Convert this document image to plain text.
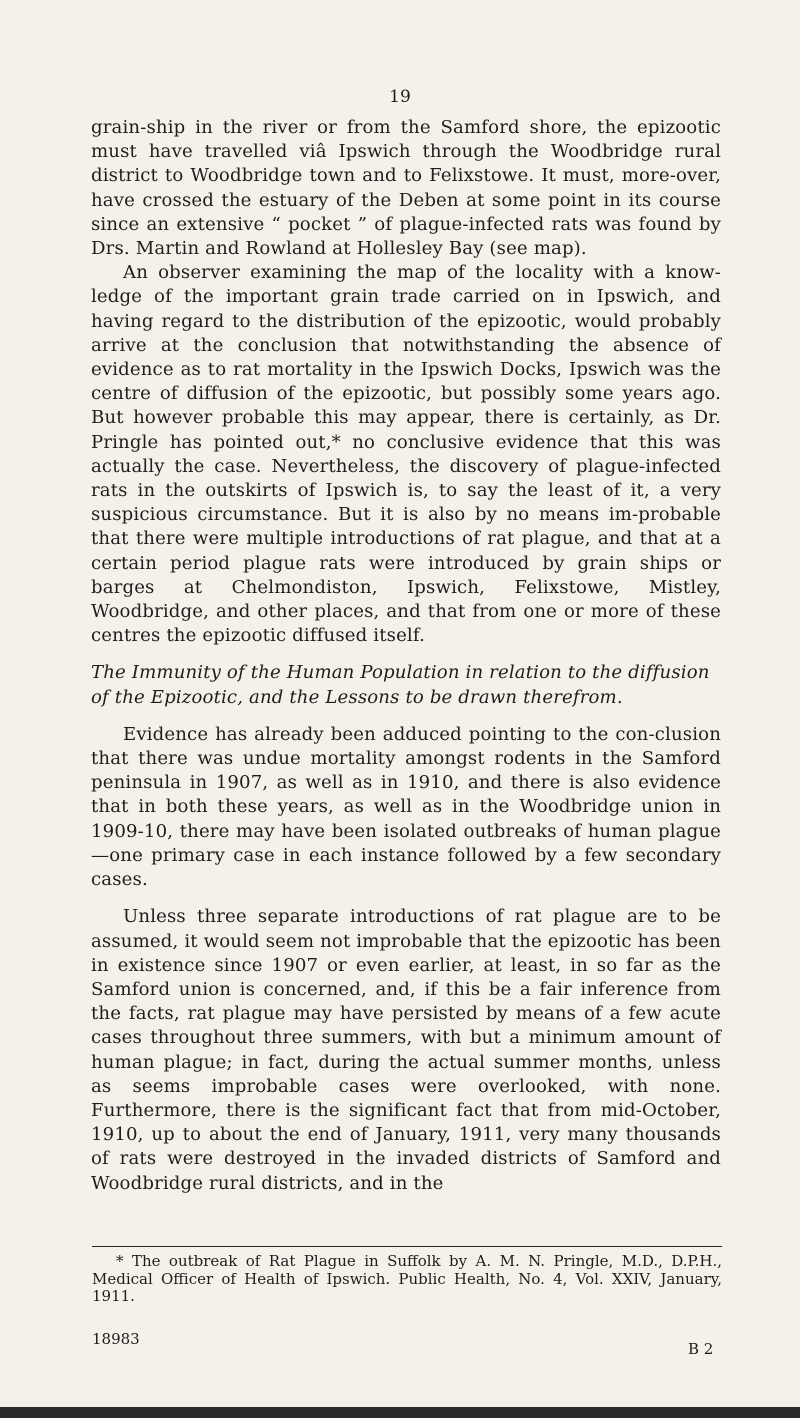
19

grain-ship in the river or from the Samford shore, the epizootic must have travelled viâ Ipswich through the Woodbridge rural district to Woodbridge town and to Felixstowe. It must, more-over, have crossed the estuary of the Deben at some point in its course since an extensive “ pocket ” of plague-infected rats was found by Drs. Martin and Rowland at Hollesley Bay (see map).

An observer examining the map of the locality with a know-ledge of the important grain trade carried on in Ipswich, and having regard to the distribution of the epizootic, would probably arrive at the conclusion that notwithstanding the absence of evidence as to rat mortality in the Ipswich Docks, Ipswich was the centre of diffusion of the epizootic, but possibly some years ago. But however probable this may appear, there is certainly, as Dr. Pringle has pointed out,* no conclusive evidence that this was actually the case. Nevertheless, the discovery of plague-infected rats in the outskirts of Ipswich is, to say the least of it, a very suspicious circumstance. But it is also by no means im-probable that there were multiple introductions of rat plague, and that at a certain period plague rats were introduced by grain ships or barges at Chelmondiston, Ipswich, Felixstowe, Mistley, Woodbridge, and other places, and that from one or more of these centres the epizootic diffused itself.

The Immunity of the Human Population in relation to the diffusion of the Epizootic, and the Lessons to be drawn therefrom.

Evidence has already been adduced pointing to the con-clusion that there was undue mortality amongst rodents in the Samford peninsula in 1907, as well as in 1910, and there is also evidence that in both these years, as well as in the Woodbridge union in 1909-10, there may have been isolated outbreaks of human plague—one primary case in each instance followed by a few secondary cases.

Unless three separate introductions of rat plague are to be assumed, it would seem not improbable that the epizootic has been in existence since 1907 or even earlier, at least, in so far as the Samford union is concerned, and, if this be a fair inference from the facts, rat plague may have persisted by means of a few acute cases throughout three summers, with but a minimum amount of human plague; in fact, during the actual summer months, unless as seems improbable cases were overlooked, with none. Furthermore, there is the significant fact that from mid-October, 1910, up to about the end of January, 1911, very many thousands of rats were destroyed in the invaded districts of Samford and Woodbridge rural districts, and in the

* The outbreak of Rat Plague in Suffolk by A. M. N. Pringle, M.D., D.P.H., Medical Officer of Health of Ipswich. Public Health, No. 4, Vol. XXIV, January, 1911.
18983
B 2
